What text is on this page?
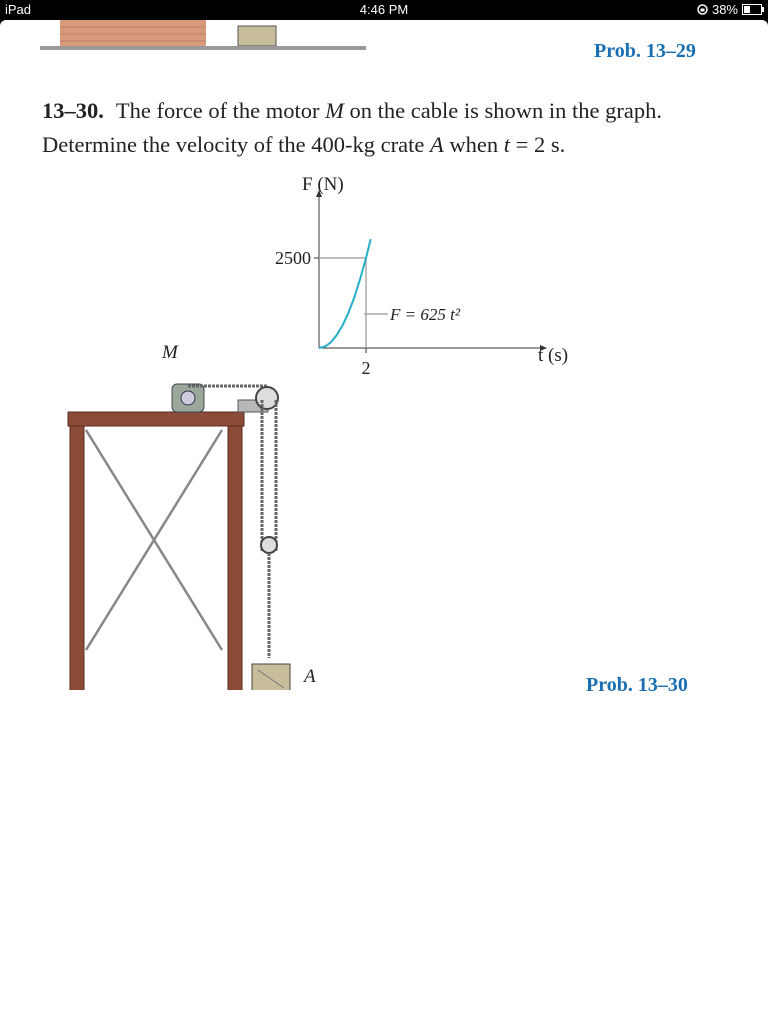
iPad	4:46 PM	38%
Prob. 13–29
13–30. The force of the motor M on the cable is shown in the graph. Determine the velocity of the 400-kg crate A when t = 2 s.
F (N)
t (s)
2500
2
F = 625 t²
M
A	Prob. 13–30
